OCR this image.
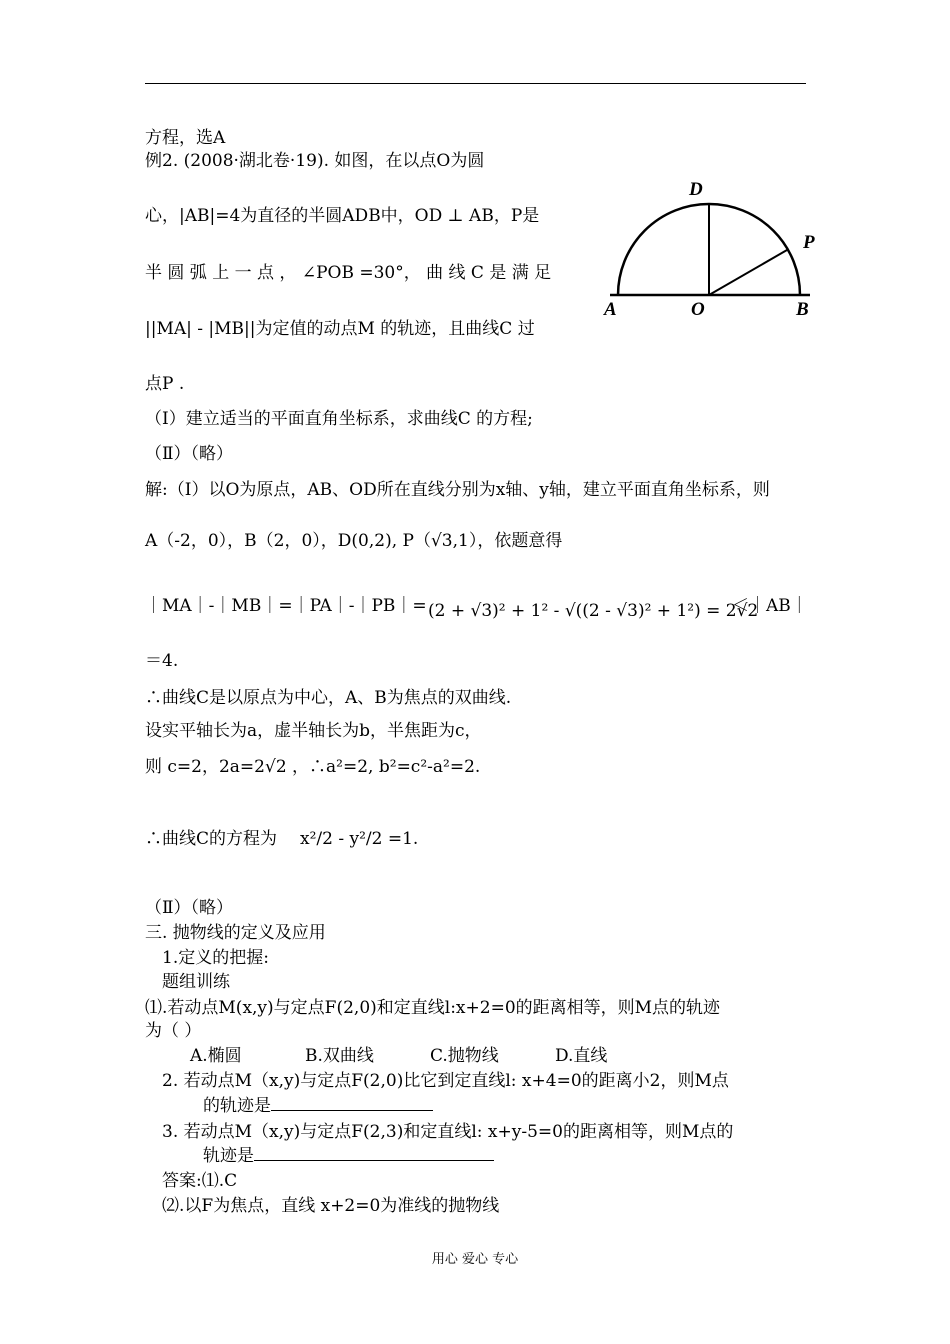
方程，选A
例2. (2008·湖北卷·19). 如图，在以点O为圆
心，|AB|=4为直径的半圆ADB中，OD ⊥ AB，P是
半 圆 弧 上 一 点 ， ∠POB =30°， 曲 线 C 是 满 足
||MA| - |MB||为定值的动点M 的轨迹，且曲线C 过
点P .
D
P
A	O	B
（Ⅰ）建立适当的平面直角坐标系，求曲线C 的方程;
（Ⅱ）（略）
解:（Ⅰ）以O为原点，AB、OD所在直线分别为x轴、y轴，建立平面直角坐标系，则
A（-2，0），B（2，0），D(0,2), P（√3,1），依题意得
｜MA｜-｜MB｜=｜PA｜-｜PB｜= (2 + √3)² + 1² - √((2 - √3)² + 1²) = 2√2
＜｜AB｜
＝4.
∴曲线C是以原点为中心，A、B为焦点的双曲线.
设实平轴长为a，虚半轴长为b，半焦距为c，
则 c=2，2a=2√2 ，∴a²=2, b²=c²-a²=2.
∴曲线C的方程为 x²/2 - y²/2 =1.
（Ⅱ）（略）
三. 抛物线的定义及应用
1.定义的把握:
题组训练
⑴.若动点M(x,y)与定点F(2,0)和定直线l:x+2=0的距离相等，则M点的轨迹
为（ ）
A.椭圆	B.双曲线	C.抛物线	D.直线
2. 若动点M（x,y)与定点F(2,0)比它到定直线l: x+4=0的距离小2，则M点
的轨迹是
3. 若动点M（x,y)与定点F(2,3)和定直线l: x+y-5=0的距离相等，则M点的
轨迹是
答案:⑴.C
⑵.以F为焦点，直线 x+2=0为准线的抛物线
用心 爱心 专心
